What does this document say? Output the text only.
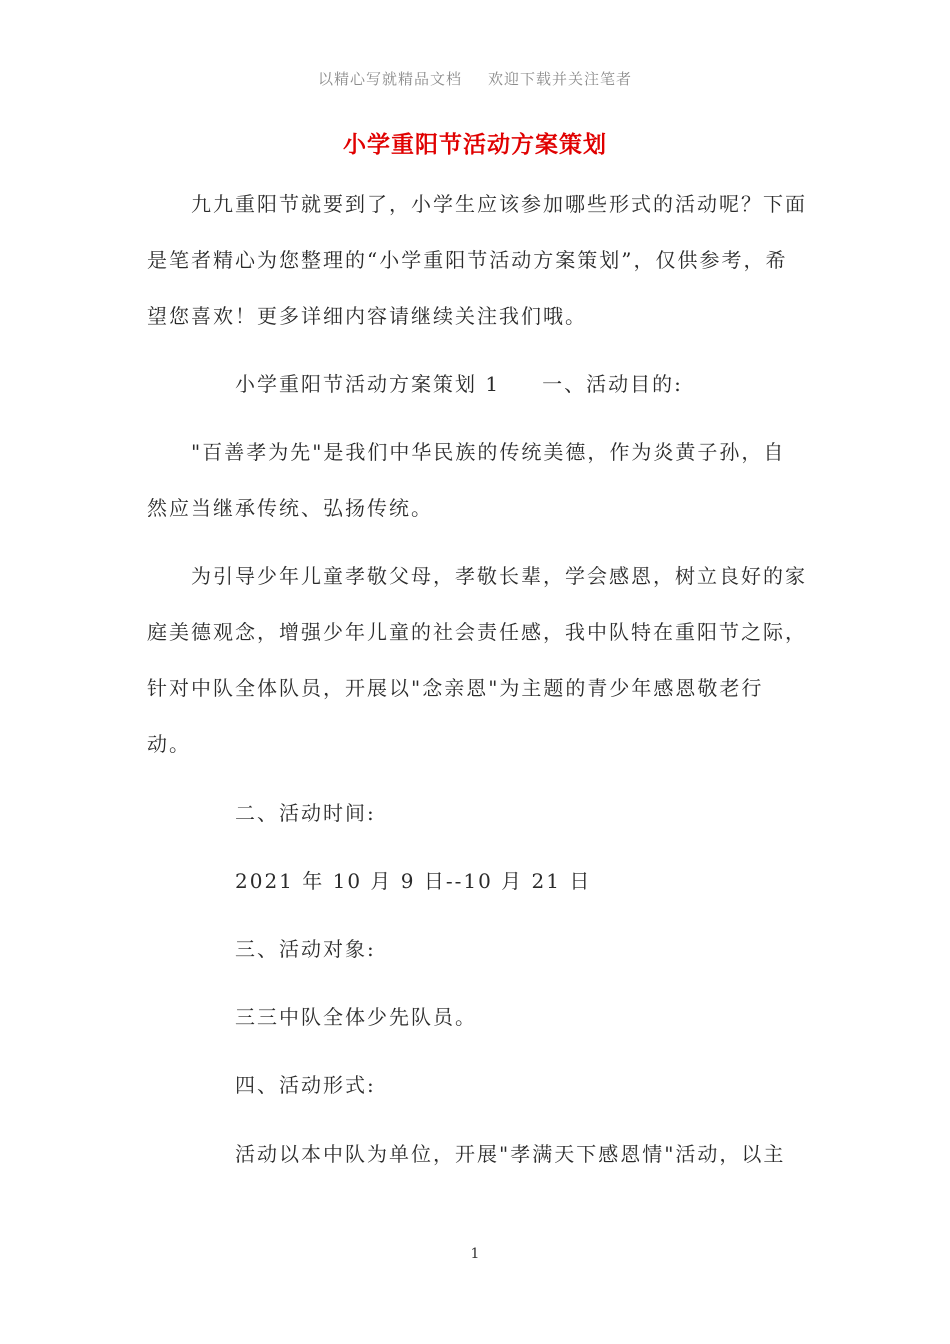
以精心写就精品文档 欢迎下载并关注笔者
小学重阳节活动方案策划

九九重阳节就要到了，小学生应该参加哪些形式的活动呢？下面是笔者精心为您整理的“小学重阳节活动方案策划”，仅供参考，希望您喜欢！更多详细内容请继续关注我们哦。

小学重阳节活动方案策划 1 一、活动目的:

"百善孝为先"是我们中华民族的传统美德，作为炎黄子孙，自然应当继承传统、弘扬传统。

为引导少年儿童孝敬父母，孝敬长辈，学会感恩，树立良好的家庭美德观念，增强少年儿童的社会责任感，我中队特在重阳节之际，针对中队全体队员，开展以"念亲恩"为主题的青少年感恩敬老行动。

二、活动时间:
2021 年 10 月 9 日--10 月 21 日
三、活动对象:
三三中队全体少先队员。
四、活动形式:
活动以本中队为单位，开展"孝满天下感恩情"活动，以主
1
